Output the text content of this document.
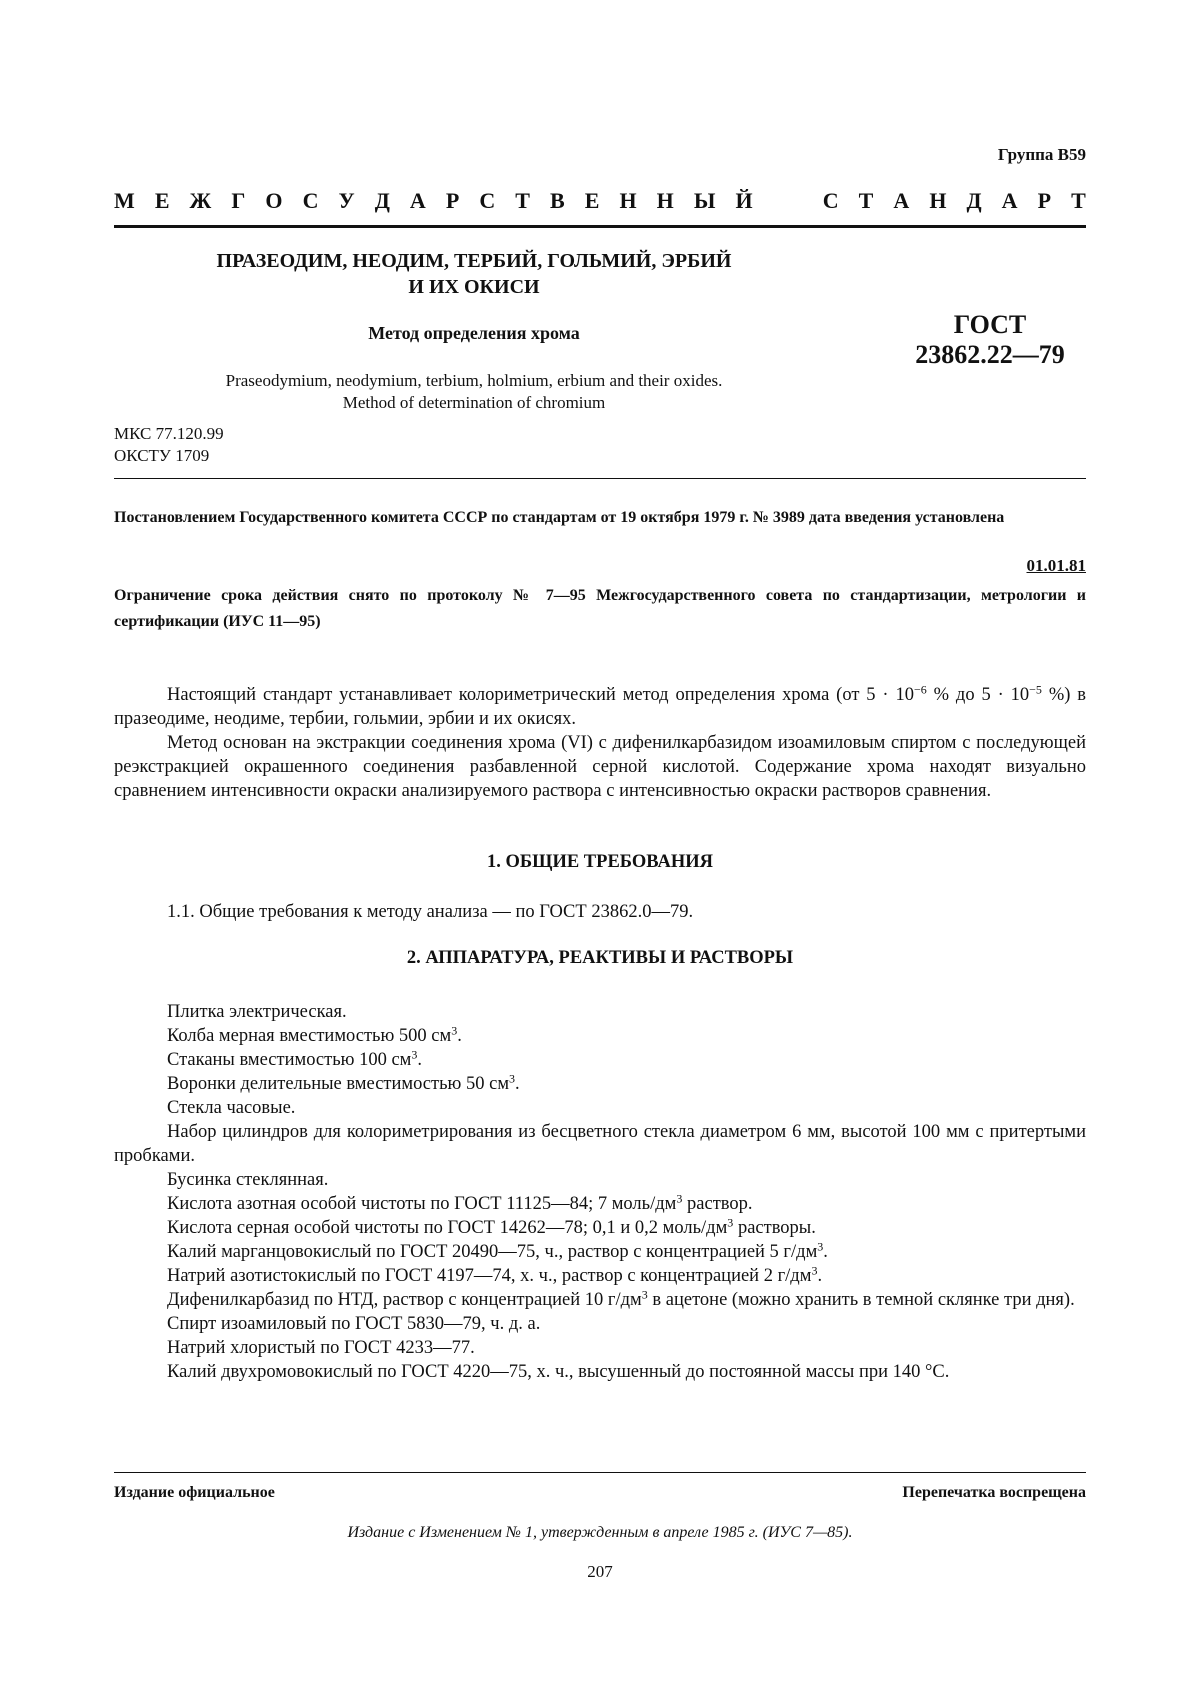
Группа В59
М Е Ж Г О С У Д А Р С Т В Е Н Н Ы Й	С Т А Н Д А Р Т
ПРАЗЕОДИМ, НЕОДИМ, ТЕРБИЙ, ГОЛЬМИЙ, ЭРБИЙ
И ИХ ОКИСИ
Метод определения хрома	ГОСТ
23862.22—79
Praseodymium, neodymium, terbium, holmium, erbium and their oxides.
Method of determination of chromium
МКС 77.120.99
ОКСТУ 1709
Постановлением Государственного комитета СССР по стандартам от 19 октября 1979 г. № 3989 дата введения установлена
01.01.81
Ограничение срока действия снято по протоколу № 7—95 Межгосударственного совета по стандартизации, метрологии и сертификации (ИУС 11—95)

Настоящий стандарт устанавливает колориметрический метод определения хрома (от $5 \cdot 10^{-6}$ % до $5 \cdot 10^{-5}$ %) в празеодиме, неодиме, тербии, гольмии, эрбии и их окисях.

Метод основан на экстракции соединения хрома (VI) с дифенилкарбазидом изоамиловым спиртом с последующей реэкстракцией окрашенного соединения разбавленной серной кислотой. Содержание хрома находят визуально сравнением интенсивности окраски анализируемого раствора с интенсивностью окраски растворов сравнения.

1. ОБЩИЕ ТРЕБОВАНИЯ

1.1. Общие требования к методу анализа — по ГОСТ 23862.0—79.

2. АППАРАТУРА, РЕАКТИВЫ И РАСТВОРЫ

Плитка электрическая.

Колба мерная вместимостью 500 $см^3$.

Стаканы вместимостью 100 $см^3$.

Воронки делительные вместимостью 50 $см^3$.

Стекла часовые.

Набор цилиндров для колориметрирования из бесцветного стекла диаметром 6 мм, высотой 100 мм с притертыми пробками.

Бусинка стеклянная.

Кислота азотная особой чистоты по ГОСТ 11125—84; 7 моль/$дм^3$ раствор.

Кислота серная особой чистоты по ГОСТ 14262—78; 0,1 и 0,2 моль/$дм^3$ растворы.

Калий марганцовокислый по ГОСТ 20490—75, ч., раствор с концентрацией 5 $г/дм^3$.

Натрий азотистокислый по ГОСТ 4197—74, х. ч., раствор с концентрацией 2 $г/дм^3$.

Дифенилкарбазид по НТД, раствор с концентрацией 10 $г/дм^3$ в ацетоне (можно хранить в темной склянке три дня).

Спирт изоамиловый по ГОСТ 5830—79, ч. д. а.

Натрий хлористый по ГОСТ 4233—77.

Калий двухромовокислый по ГОСТ 4220—75, х. ч., высушенный до постоянной массы при 140 °С.

Издание официальное	Перепечатка воспрещена
Издание с Изменением № 1, утвержденным в апреле 1985 г. (ИУС 7—85).
207
